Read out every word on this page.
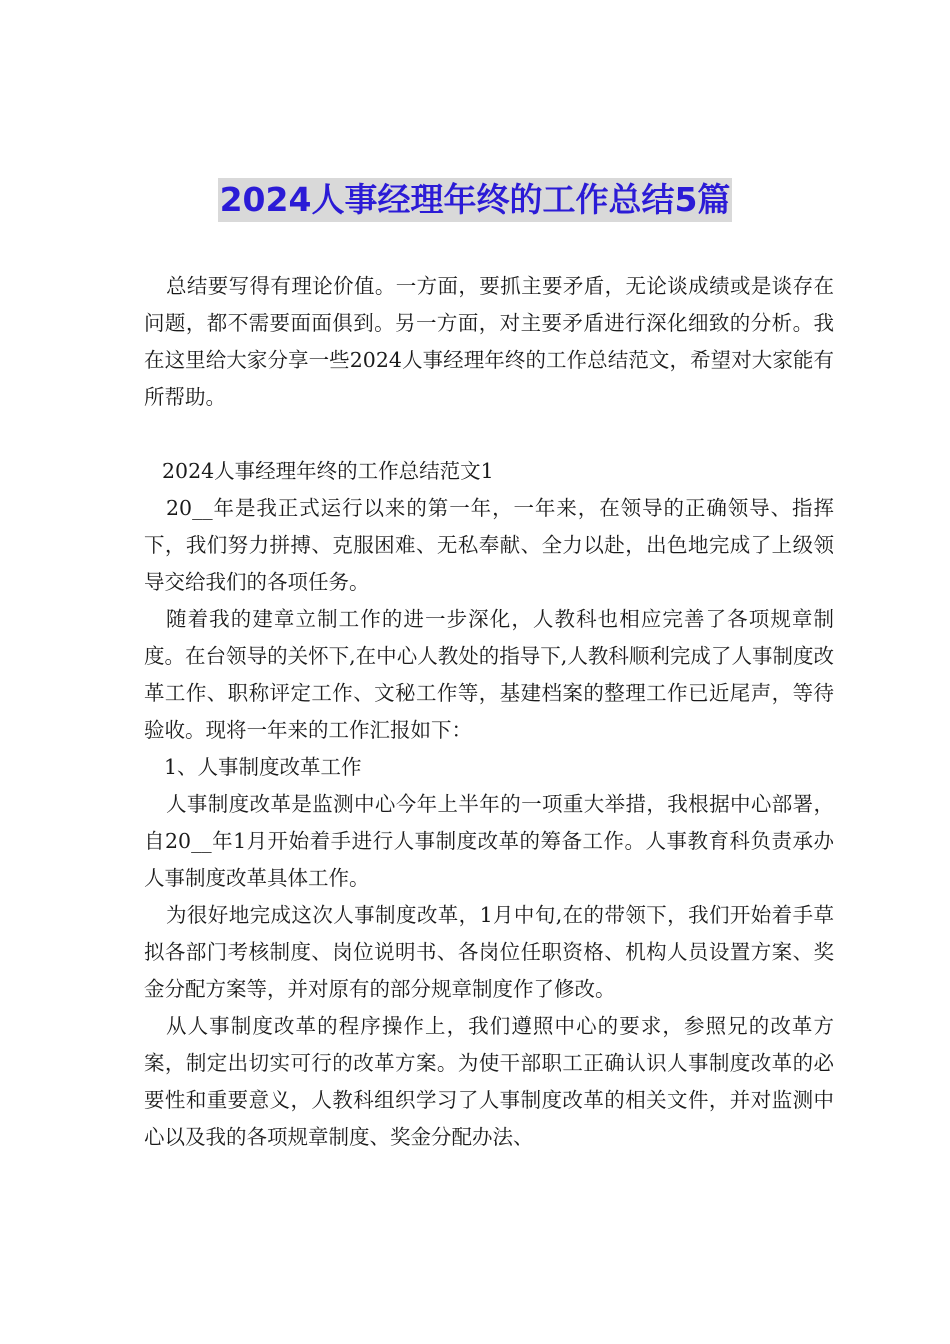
2024人事经理年终的工作总结5篇

总结要写得有理论价值。一方面，要抓主要矛盾，无论谈成绩或是谈存在问题，都不需要面面俱到。另一方面，对主要矛盾进行深化细致的分析。我在这里给大家分享一些2024人事经理年终的工作总结范文，希望对大家能有所帮助。

2024人事经理年终的工作总结范文1

20__年是我正式运行以来的第一年，一年来，在领导的正确领导、指挥下，我们努力拼搏、克服困难、无私奉献、全力以赴，出色地完成了上级领导交给我们的各项任务。

随着我的建章立制工作的进一步深化，人教科也相应完善了各项规章制度。在台领导的关怀下,在中心人教处的指导下,人教科顺利完成了人事制度改革工作、职称评定工作、文秘工作等，基建档案的整理工作已近尾声，等待验收。现将一年来的工作汇报如下：

1、人事制度改革工作

人事制度改革是监测中心今年上半年的一项重大举措，我根据中心部署，自20__年1月开始着手进行人事制度改革的筹备工作。人事教育科负责承办人事制度改革具体工作。

为很好地完成这次人事制度改革，1月中旬,在的带领下，我们开始着手草拟各部门考核制度、岗位说明书、各岗位任职资格、机构人员设置方案、奖金分配方案等，并对原有的部分规章制度作了修改。

从人事制度改革的程序操作上，我们遵照中心的要求，参照兄的改革方案，制定出切实可行的改革方案。为使干部职工正确认识人事制度改革的必要性和重要意义，人教科组织学习了人事制度改革的相关文件，并对监测中心以及我的各项规章制度、奖金分配办法、
